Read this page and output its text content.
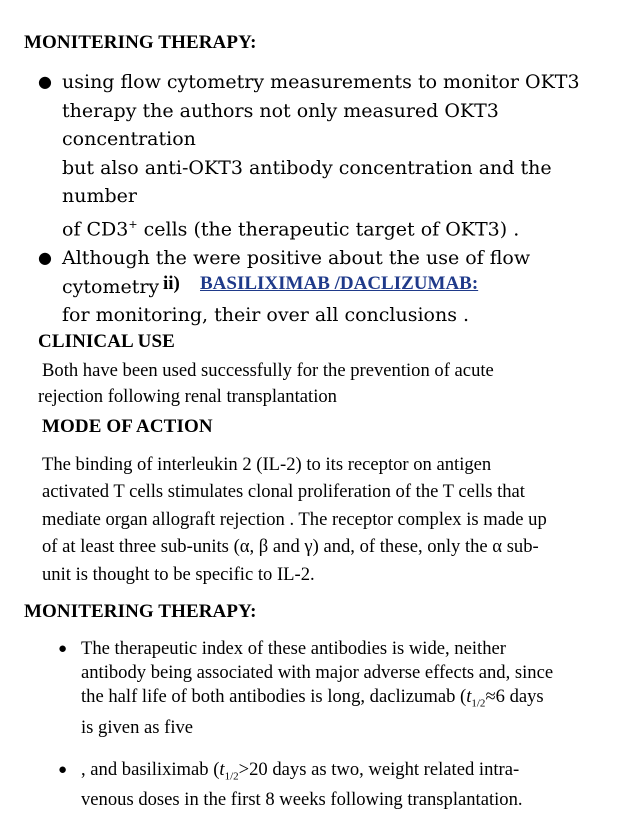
MONITERING THERAPY:
● using flow cytometry measurements to monitor OKT3
therapy the authors not only measured OKT3 concentration
but also anti-OKT3 antibody concentration and the number
of CD3+ cells (the therapeutic target of OKT3) .
● Although the were positive about the use of flow cytometry
for monitoring, their over all conclusions .
ii) BASILIXIMAB /DACLIZUMAB:
CLINICAL USE
Both have been used successfully for the prevention of acute
rejection following renal transplantation
MODE OF ACTION
The binding of interleukin 2 (IL-2) to its receptor on antigen
activated T cells stimulates clonal proliferation of the T cells that
mediate organ allograft rejection . The receptor complex is made up
of at least three sub-units (α, β and γ) and, of these, only the α sub-
unit is thought to be specific to IL-2.
MONITERING THERAPY:
● The therapeutic index of these antibodies is wide, neither
antibody being associated with major adverse effects and, since
the half life of both antibodies is long, daclizumab ($t_{1/2}\approx 6$ days
is given as five
● , and basiliximab ($t_{1/2}>20$ days as two, weight related intra-
venous doses in the first 8 weeks following transplantation.
